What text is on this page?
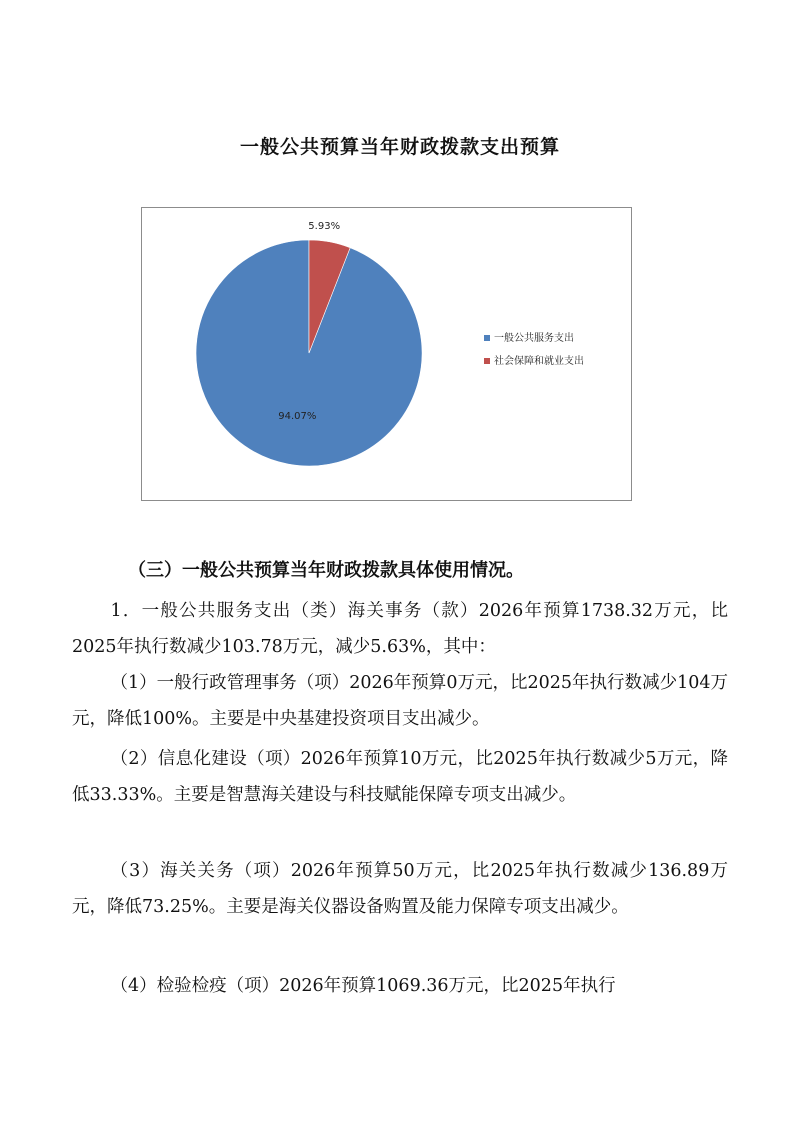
一般公共预算当年财政拨款支出预算
94.07%
5.93%
一般公共服务支出
社会保障和就业支出
（三）一般公共预算当年财政拨款具体使用情况。

1．一般公共服务支出（类）海关事务（款）2026年预算1738.32万元，比2025年执行数减少103.78万元，减少5.63%，其中：

（1）一般行政管理事务（项）2026年预算0万元，比2025年执行数减少104万元，降低100%。主要是中央基建投资项目支出减少。

（2）信息化建设（项）2026年预算10万元，比2025年执行数减少5万元，降低33.33%。主要是智慧海关建设与科技赋能保障专项支出减少。

（3）海关关务（项）2026年预算50万元，比2025年执行数减少136.89万元，降低73.25%。主要是海关仪器设备购置及能力保障专项支出减少。

（4）检验检疫（项）2026年预算1069.36万元，比2025年执行
